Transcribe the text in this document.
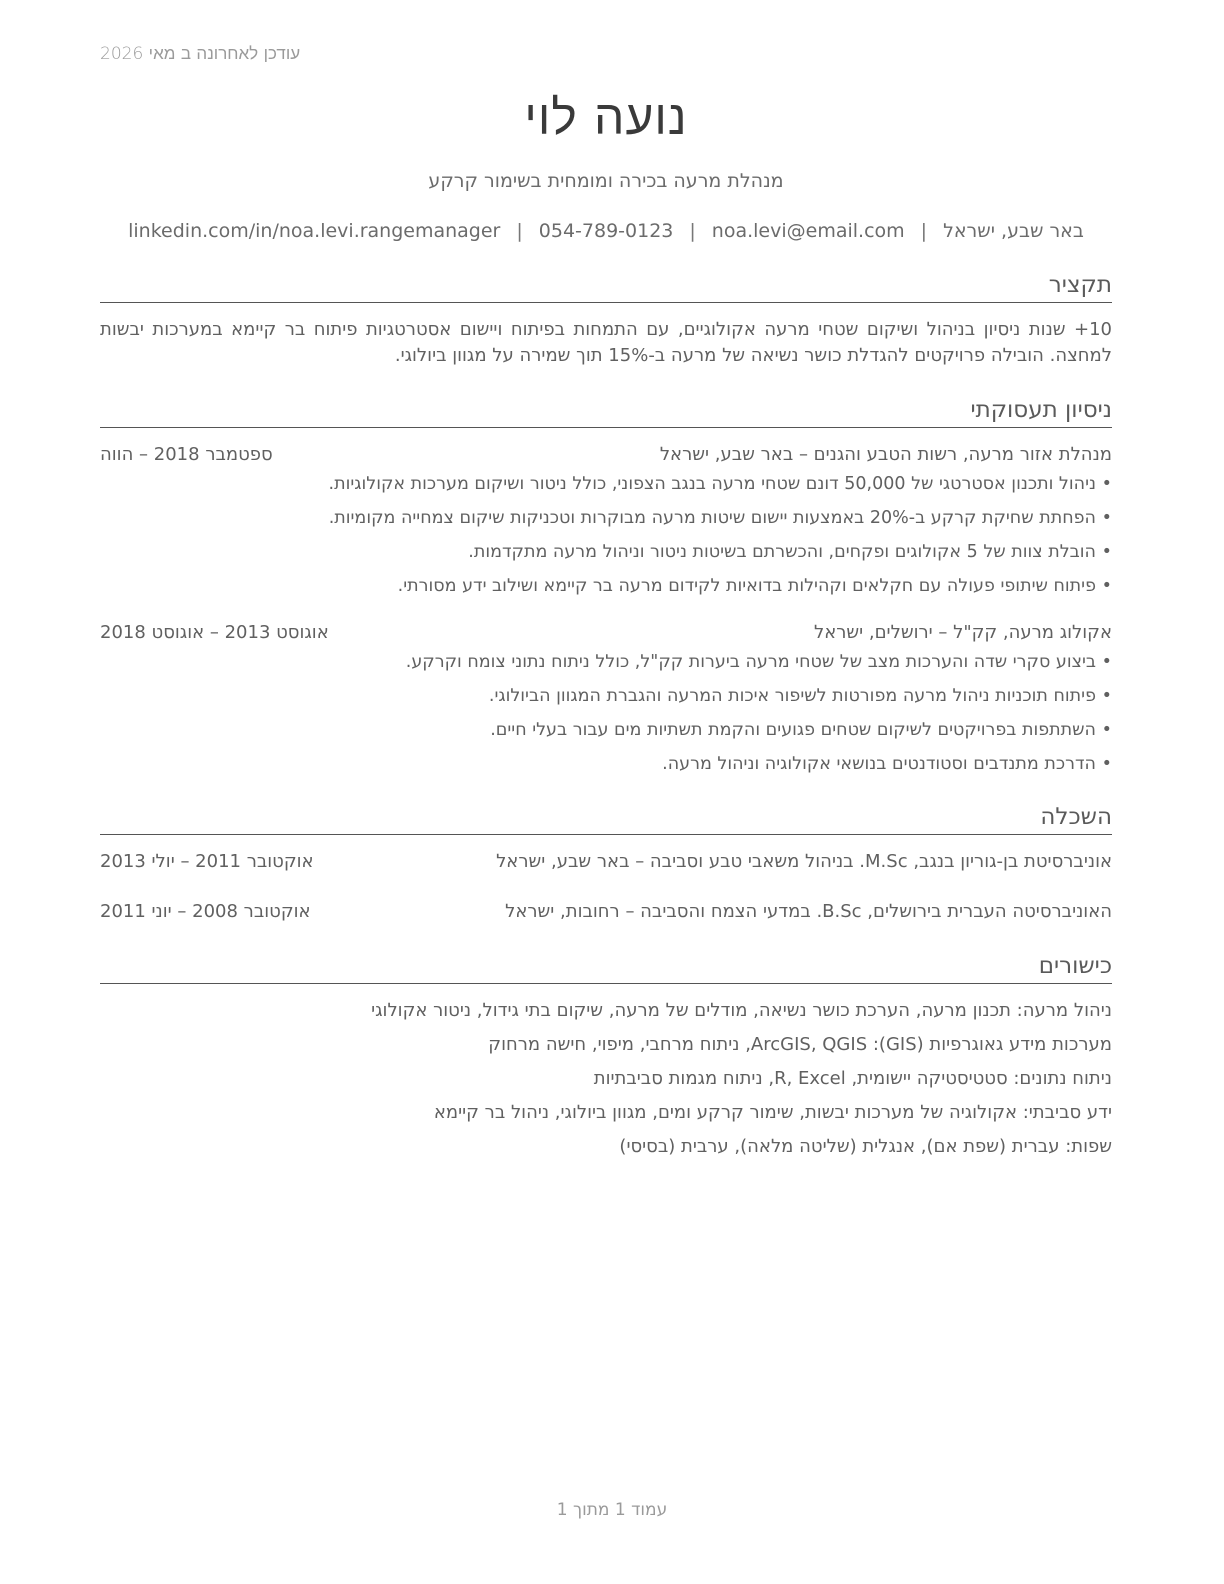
עודכן לאחרונה ב מאי 2026
נועה לוי
מנהלת מרעה בכירה ומומחית בשימור קרקע
באר שבע, ישראל|noa.levi@email.com|054-789-0123|linkedin.com/in/noa.levi.rangemanager
תקציר
10+ שנות ניסיון בניהול ושיקום שטחי מרעה אקולוגיים, עם התמחות בפיתוח ויישום אסטרטגיות פיתוח בר קיימא במערכות יבשות למחצה. הובילה פרויקטים להגדלת כושר נשיאה של מרעה ב-15% תוך שמירה על מגוון ביולוגי.
ניסיון תעסוקתי
מנהלת אזור מרעה, רשות הטבע והגנים – באר שבע, ישראל
ספטמבר 2018 – הווה
•
ניהול ותכנון אסטרטגי של 50,000 דונם שטחי מרעה בנגב הצפוני, כולל ניטור ושיקום מערכות אקולוגיות.
•
הפחתת שחיקת קרקע ב-20% באמצעות יישום שיטות מרעה מבוקרות וטכניקות שיקום צמחייה מקומיות.
•
הובלת צוות של 5 אקולוגים ופקחים, והכשרתם בשיטות ניטור וניהול מרעה מתקדמות.
•
פיתוח שיתופי פעולה עם חקלאים וקהילות בדואיות לקידום מרעה בר קיימא ושילוב ידע מסורתי.
אקולוג מרעה, קק"ל – ירושלים, ישראל
אוגוסט 2013 – אוגוסט 2018
•
ביצוע סקרי שדה והערכות מצב של שטחי מרעה ביערות קק"ל, כולל ניתוח נתוני צומח וקרקע.
•
פיתוח תוכניות ניהול מרעה מפורטות לשיפור איכות המרעה והגברת המגוון הביולוגי.
•
השתתפות בפרויקטים לשיקום שטחים פגועים והקמת תשתיות מים עבור בעלי חיים.
•
הדרכת מתנדבים וסטודנטים בנושאי אקולוגיה וניהול מרעה.
השכלה
אוניברסיטת בן-גוריון בנגב, M.Sc. בניהול משאבי טבע וסביבה – באר שבע, ישראל
אוקטובר 2011 – יולי 2013
האוניברסיטה העברית בירושלים, B.Sc. במדעי הצמח והסביבה – רחובות, ישראל
אוקטובר 2008 – יוני 2011
כישורים
ניהול מרעה: תכנון מרעה, הערכת כושר נשיאה, מודלים של מרעה, שיקום בתי גידול, ניטור אקולוגי
מערכות מידע גאוגרפיות (GIS): ArcGIS, QGIS, ניתוח מרחבי, מיפוי, חישה מרחוק
ניתוח נתונים: סטטיסטיקה יישומית, R, Excel, ניתוח מגמות סביבתיות
ידע סביבתי: אקולוגיה של מערכות יבשות, שימור קרקע ומים, מגוון ביולוגי, ניהול בר קיימא
שפות: עברית (שפת אם), אנגלית (שליטה מלאה), ערבית (בסיסי)
עמוד 1 מתוך 1
